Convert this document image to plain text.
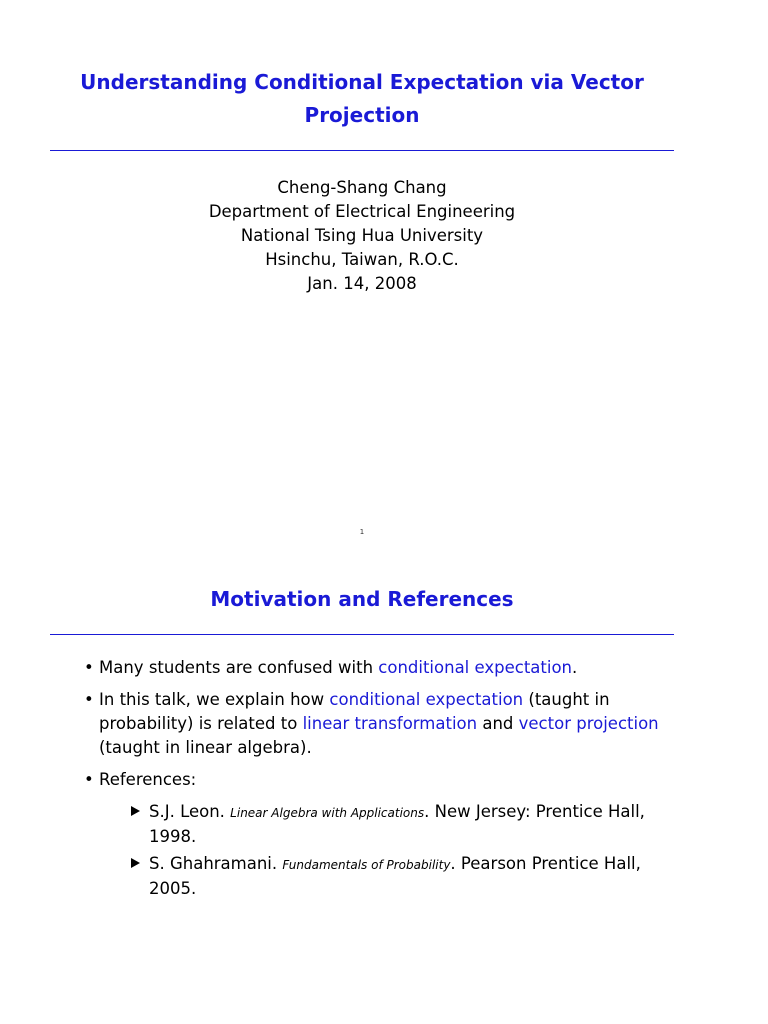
Understanding Conditional Expectation via Vector
Projection
Cheng-Shang Chang
Department of Electrical Engineering
National Tsing Hua University
Hsinchu, Taiwan, R.O.C.
Jan. 14, 2008
1
Motivation and References
• Many students are confused with conditional expectation.
• In this talk, we explain how conditional expectation (taught in probability) is related to linear transformation and vector projection (taught in linear algebra).
• References:
S.J. Leon. Linear Algebra with Applications. New Jersey: Prentice Hall, 1998.
S. Ghahramani. Fundamentals of Probability. Pearson Prentice Hall, 2005.
